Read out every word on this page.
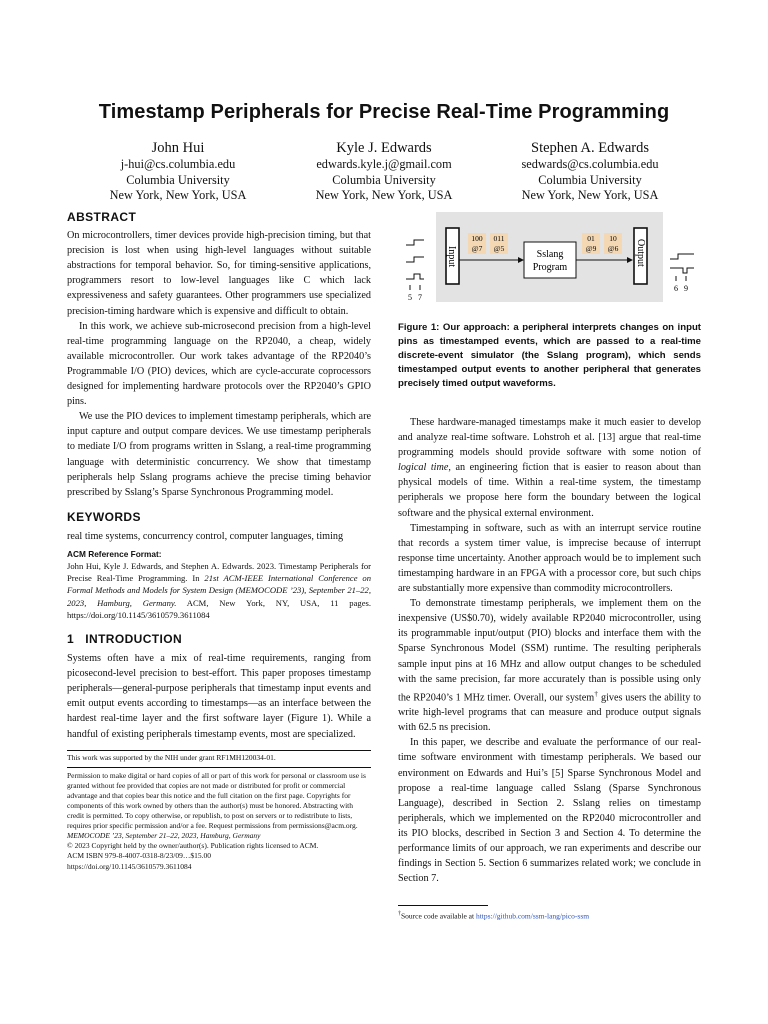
Timestamp Peripherals for Precise Real-Time Programming
John Hui
j-hui@cs.columbia.edu
Columbia University
New York, New York, USA
Kyle J. Edwards
edwards.kyle.j@gmail.com
Columbia University
New York, New York, USA
Stephen A. Edwards
sedwards@cs.columbia.edu
Columbia University
New York, New York, USA
ABSTRACT

On microcontrollers, timer devices provide high-precision timing, but that precision is lost when using high-level languages without suitable abstractions for temporal behavior. So, for timing-sensitive applications, programmers resort to low-level languages like C which lack expressiveness and safety guarantees. Other programmers use specialized precision-timing hardware which is expensive and difficult to obtain.

In this work, we achieve sub-microsecond precision from a high-level real-time programming language on the RP2040, a cheap, widely available microcontroller. Our work takes advantage of the RP2040’s Programmable I/O (PIO) devices, which are cycle-accurate coprocessors designed for implementing hardware protocols over the RP2040’s GPIO pins.

We use the PIO devices to implement timestamp peripherals, which are input capture and output compare devices. We use timestamp peripherals to mediate I/O from programs written in Sslang, a real-time programming language with deterministic concurrency. We show that timestamp peripherals help Sslang programs achieve the precise timing behavior prescribed by Sslang’s Sparse Synchronous Programming model.

KEYWORDS

real time systems, concurrency control, computer languages, timing

ACM Reference Format:
John Hui, Kyle J. Edwards, and Stephen A. Edwards. 2023. Timestamp Peripherals for Precise Real-Time Programming. In 21st ACM-IEEE International Conference on Formal Methods and Models for System Design (MEMOCODE ’23), September 21–22, 2023, Hamburg, Germany. ACM, New York, NY, USA, 11 pages. https://doi.org/10.1145/3610579.3611084
1 INTRODUCTION

Systems often have a mix of real-time requirements, ranging from picosecond-level precision to best-effort. This paper proposes timestamp peripherals—general-purpose peripherals that timestamp input events and emit output events according to timestamps—as an interface between the hardest real-time layer and the first software layer (Figure 1). While a handful of existing peripherals timestamp events, most are specialized.

This work was supported by the NIH under grant RF1MH120034-01.
Permission to make digital or hard copies of all or part of this work for personal or classroom use is granted without fee provided that copies are not made or distributed for profit or commercial advantage and that copies bear this notice and the full citation on the first page. Copyrights for components of this work owned by others than the author(s) must be honored. Abstracting with credit is permitted. To copy otherwise, or republish, to post on servers or to redistribute to lists, requires prior specific permission and/or a fee. Request permissions from permissions@acm.org.
MEMOCODE ’23, September 21–22, 2023, Hamburg, Germany
© 2023 Copyright held by the owner/author(s). Publication rights licensed to ACM.
ACM ISBN 979-8-4007-0318-8/23/09…$15.00
https://doi.org/10.1145/3610579.3611084
5   7
Input
100
@7
011
@5
Sslang
Program
01
@9
10
@6 Output
6   9
Figure 1: Our approach: a peripheral interprets changes on input pins as timestamped events, which are passed to a real-time discrete-event simulator (the Sslang program), which sends timestamped output events to another peripheral that generates precisely timed output waveforms.

These hardware-managed timestamps make it much easier to develop and analyze real-time software. Lohstroh et al. [13] argue that real-time programming models should provide software with some notion of logical time, an engineering fiction that is easier to reason about than physical models of time. Within a real-time system, the timestamp peripherals we propose here form the boundary between the logical software and the physical external environment.

Timestamping in software, such as with an interrupt service routine that records a system timer value, is imprecise because of interrupt response time uncertainty. Another approach would be to implement such timestamping hardware in an FPGA with a processor core, but such chips are substantially more expensive than commodity microcontrollers.

To demonstrate timestamp peripherals, we implement them on the inexpensive (US$0.70), widely available RP2040 microcontroller, using its programmable input/output (PIO) blocks and interface them with the Sparse Synchronous Model (SSM) runtime. The resulting peripherals sample input pins at 16 MHz and allow output changes to be scheduled with the same precision, far more accurately than is possible using only the RP2040’s 1 MHz timer. Overall, our system† gives users the ability to write high-level programs that can measure and produce output signals with 62.5 ns precision.

In this paper, we describe and evaluate the performance of our real-time software environment with timestamp peripherals. We based our environment on Edwards and Hui’s [5] Sparse Synchronous Model and propose a real-time language called Sslang (Sparse Synchronous Language), described in Section 2. Sslang relies on timestamp peripherals, which we implemented on the RP2040 microcontroller and its PIO blocks, described in Section 3 and Section 4. To determine the performance limits of our approach, we ran experiments and describe our findings in Section 5. Section 6 summarizes related work; we conclude in Section 7.

†Source code available at https://github.com/ssm-lang/pico-ssm
